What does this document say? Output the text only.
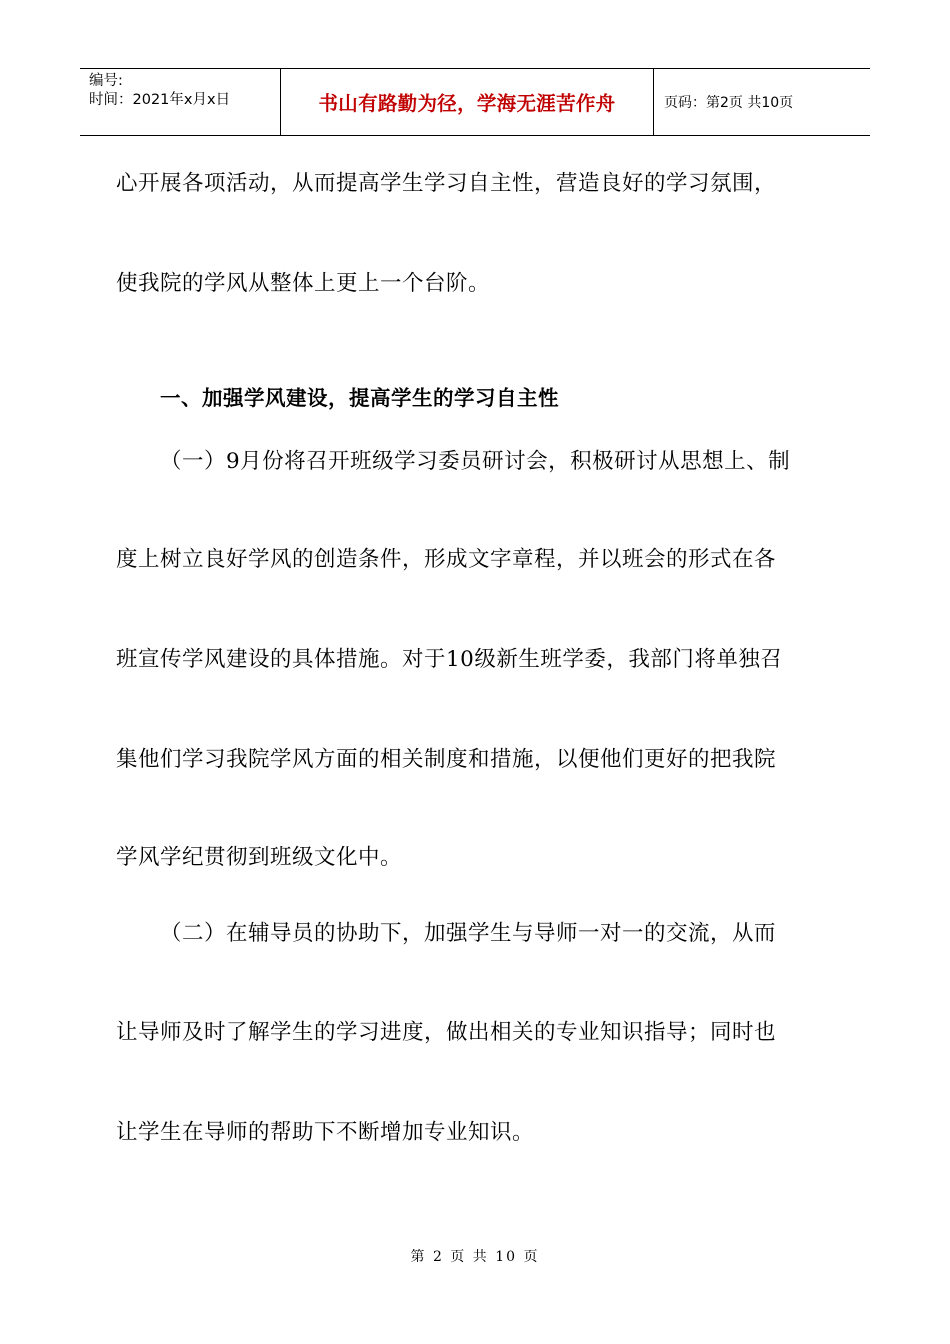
编号:
时间：2021年x月x日	书山有路勤为径，学海无涯苦作舟	页码：第2页 共10页
心开展各项活动，从而提高学生学习自主性，营造良好的学习氛围，
使我院的学风从整体上更上一个台阶。
一、加强学风建设，提高学生的学习自主性
（一）9月份将召开班级学习委员研讨会，积极研讨从思想上、制
度上树立良好学风的创造条件，形成文字章程，并以班会的形式在各
班宣传学风建设的具体措施。对于10级新生班学委，我部门将单独召
集他们学习我院学风方面的相关制度和措施，以便他们更好的把我院
学风学纪贯彻到班级文化中。
（二）在辅导员的协助下，加强学生与导师一对一的交流，从而
让导师及时了解学生的学习进度，做出相关的专业知识指导；同时也
让学生在导师的帮助下不断增加专业知识。
第 2 页 共 10 页
